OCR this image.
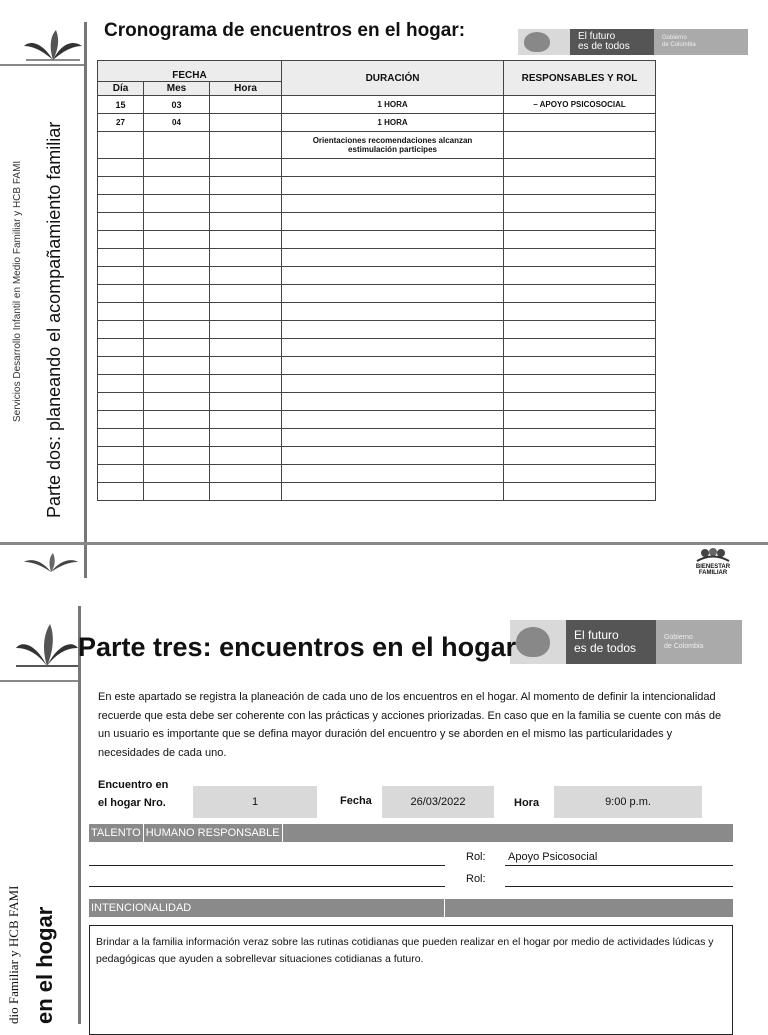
Cronograma de encuentros en el hogar:	El futuro
es de todos
Gobierno
de Colombia
Parte dos: planeando el acompañamiento familiar
Servicios Desarrollo Infantil en Medio Familiar y HCB FAMI
FECHA			DURACIÓN	RESPONSABLES Y ROL
Día	Mes	Hora		
15	03		1 HORA	– APOYO PSICOSOCIAL
27	04		1 HORA	
			Orientaciones recomendaciones alcanzan estimulación participes	

BIENESTAR
FAMILIAR
El futuro
es de todos
Gobierno
de Colombia
Parte tres: encuentros en el hogar
en el hogar
dio Familiar y HCB FAMI
En este apartado se registra la planeación de cada uno de los encuentros en el hogar. Al momento de definir la intencionalidad recuerde que esta debe ser coherente con las prácticas y acciones priorizadas. En caso que en la familia se cuente con más de un usuario es importante que se defina mayor duración del encuentro y se aborden en el mismo las particularidades y necesidades de cada uno.
Encuentro en
el hogar Nro.	1	Fecha	26/03/2022	Hora	9:00 p.m.
TALENTO HUMANO RESPONSABLE
Rol: Apoyo Psicosocial
Rol:
INTENCIONALIDAD
Brindar a la familia información veraz sobre las rutinas cotidianas que pueden realizar en el hogar por medio de actividades lúdicas y pedagógicas que ayuden a sobrellevar situaciones cotidianas a futuro.
